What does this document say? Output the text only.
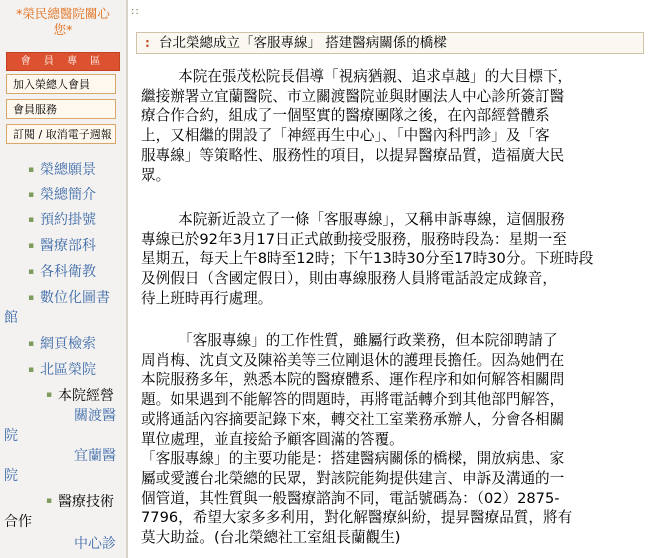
*榮民總醫院關心
您*
會 員 專 區
加入榮總人會員
會員服務
訂閱 / 取消電子週報
▪ 榮總願景
▪ 榮總簡介
▪ 預約掛號
▪ 醫療部科
▪ 各科衛教
▪ 數位化圖書
館
▪ 網頁檢索
▪ 北區榮院
▪ 本院經營
關渡醫
院
宜蘭醫
院
▪ 醫療技術
合作
中心診
::
: 台北榮總成立「客服專線」 搭建醫病關係的橋樑
本院在張茂松院長倡導「視病猶親、追求卓越」的大目標下，
繼接辦署立宜蘭醫院、市立關渡醫院並與財團法人中心診所簽訂醫
療合作合約，組成了一個堅實的醫療團隊之後，在內部經營體系
上，又相繼的開設了「神經再生中心」、「中醫內科門診」及「客
服專線」等策略性、服務性的項目，以提昇醫療品質，造福廣大民
眾。
本院新近設立了一條「客服專線」，又稱申訴專線，這個服務
專線已於92年3月17日正式啟動接受服務，服務時段為：星期一至
星期五，每天上午8時至12時；下午13時30分至17時30分。下班時段
及例假日（含國定假日），則由專線服務人員將電話設定成錄音，
待上班時再行處理。
「客服專線」的工作性質，雖屬行政業務，但本院卻聘請了
周肖梅、沈貞文及陳裕美等三位剛退休的護理長擔任。因為她們在
本院服務多年，熟悉本院的醫療體系、運作程序和如何解答相關問
題。如果遇到不能解答的問題時，再將電話轉介到其他部門解答，
或將通話內容摘要記錄下來，轉交社工室業務承辦人，分會各相關
單位處理，並直接給予顧客圓滿的答覆。
「客服專線」的主要功能是：搭建醫病關係的橋樑，開放病患、家
屬或愛護台北榮總的民眾，對該院能夠提供建言、申訴及溝通的一
個管道，其性質與一般醫療諮詢不同，電話號碼為：（02）2875-
7796，希望大家多多利用，對化解醫療糾紛，提昇醫療品質，將有
莫大助益。(台北榮總社工室組長蘭觀生)
